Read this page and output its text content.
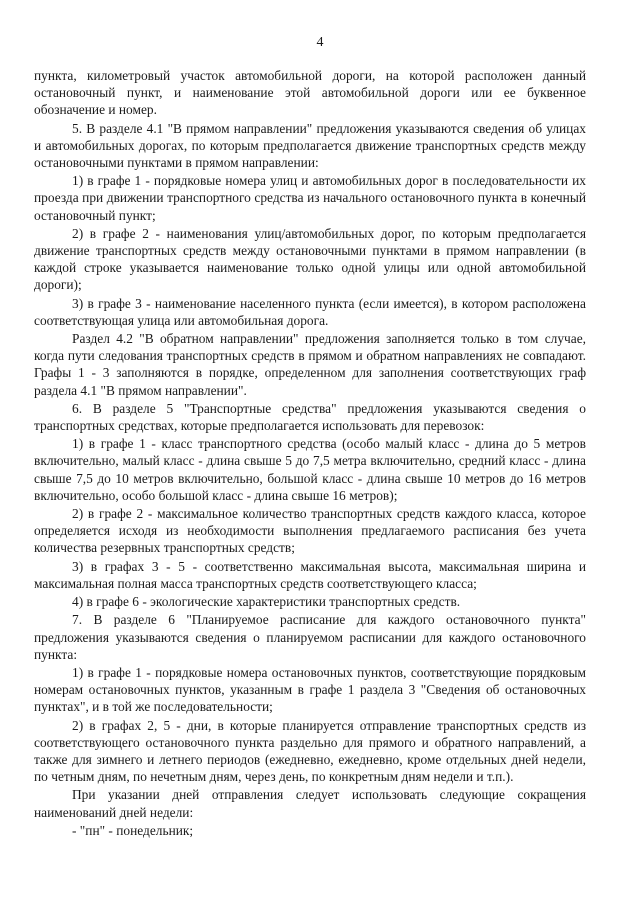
4

пункта, километровый участок автомобильной дороги, на которой расположен данный остановочный пункт, и наименование этой автомобильной дороги или ее буквенное обозначение и номер.

5. В разделе 4.1 "В прямом направлении" предложения указываются сведения об улицах и автомобильных дорогах, по которым предполагается движение транспортных средств между остановочными пунктами в прямом направлении:

1) в графе 1 - порядковые номера улиц и автомобильных дорог в последовательности их проезда при движении транспортного средства из начального остановочного пункта в конечный остановочный пункт;

2) в графе 2 - наименования улиц/автомобильных дорог, по которым предполагается движение транспортных средств между остановочными пунктами в прямом направлении (в каждой строке указывается наименование только одной улицы или одной автомобильной дороги);

3) в графе 3 - наименование населенного пункта (если имеется), в котором расположена соответствующая улица или автомобильная дорога.

Раздел 4.2 "В обратном направлении" предложения заполняется только в том случае, когда пути следования транспортных средств в прямом и обратном направлениях не совпадают. Графы 1 - 3 заполняются в порядке, определенном для заполнения соответствующих граф раздела 4.1 "В прямом направлении".

6. В разделе 5 "Транспортные средства" предложения указываются сведения о транспортных средствах, которые предполагается использовать для перевозок:

1) в графе 1 - класс транспортного средства (особо малый класс - длина до 5 метров включительно, малый класс - длина свыше 5 до 7,5 метра включительно, средний класс - длина свыше 7,5 до 10 метров включительно, большой класс - длина свыше 10 метров до 16 метров включительно, особо большой класс - длина свыше 16 метров);

2) в графе 2 - максимальное количество транспортных средств каждого класса, которое определяется исходя из необходимости выполнения предлагаемого расписания без учета количества резервных транспортных средств;

3) в графах 3 - 5 - соответственно максимальная высота, максимальная ширина и максимальная полная масса транспортных средств соответствующего класса;

4) в графе 6 - экологические характеристики транспортных средств.

7. В разделе 6 "Планируемое расписание для каждого остановочного пункта" предложения указываются сведения о планируемом расписании для каждого остановочного пункта:

1) в графе 1 - порядковые номера остановочных пунктов, соответствующие порядковым номерам остановочных пунктов, указанным в графе 1 раздела 3 "Сведения об остановочных пунктах", и в той же последовательности;

2) в графах 2, 5 - дни, в которые планируется отправление транспортных средств из соответствующего остановочного пункта раздельно для прямого и обратного направлений, а также для зимнего и летнего периодов (ежедневно, ежедневно, кроме отдельных дней недели, по четным дням, по нечетным дням, через день, по конкретным дням недели и т.п.).

При указании дней отправления следует использовать следующие сокращения наименований дней недели:

- "пн" - понедельник;
